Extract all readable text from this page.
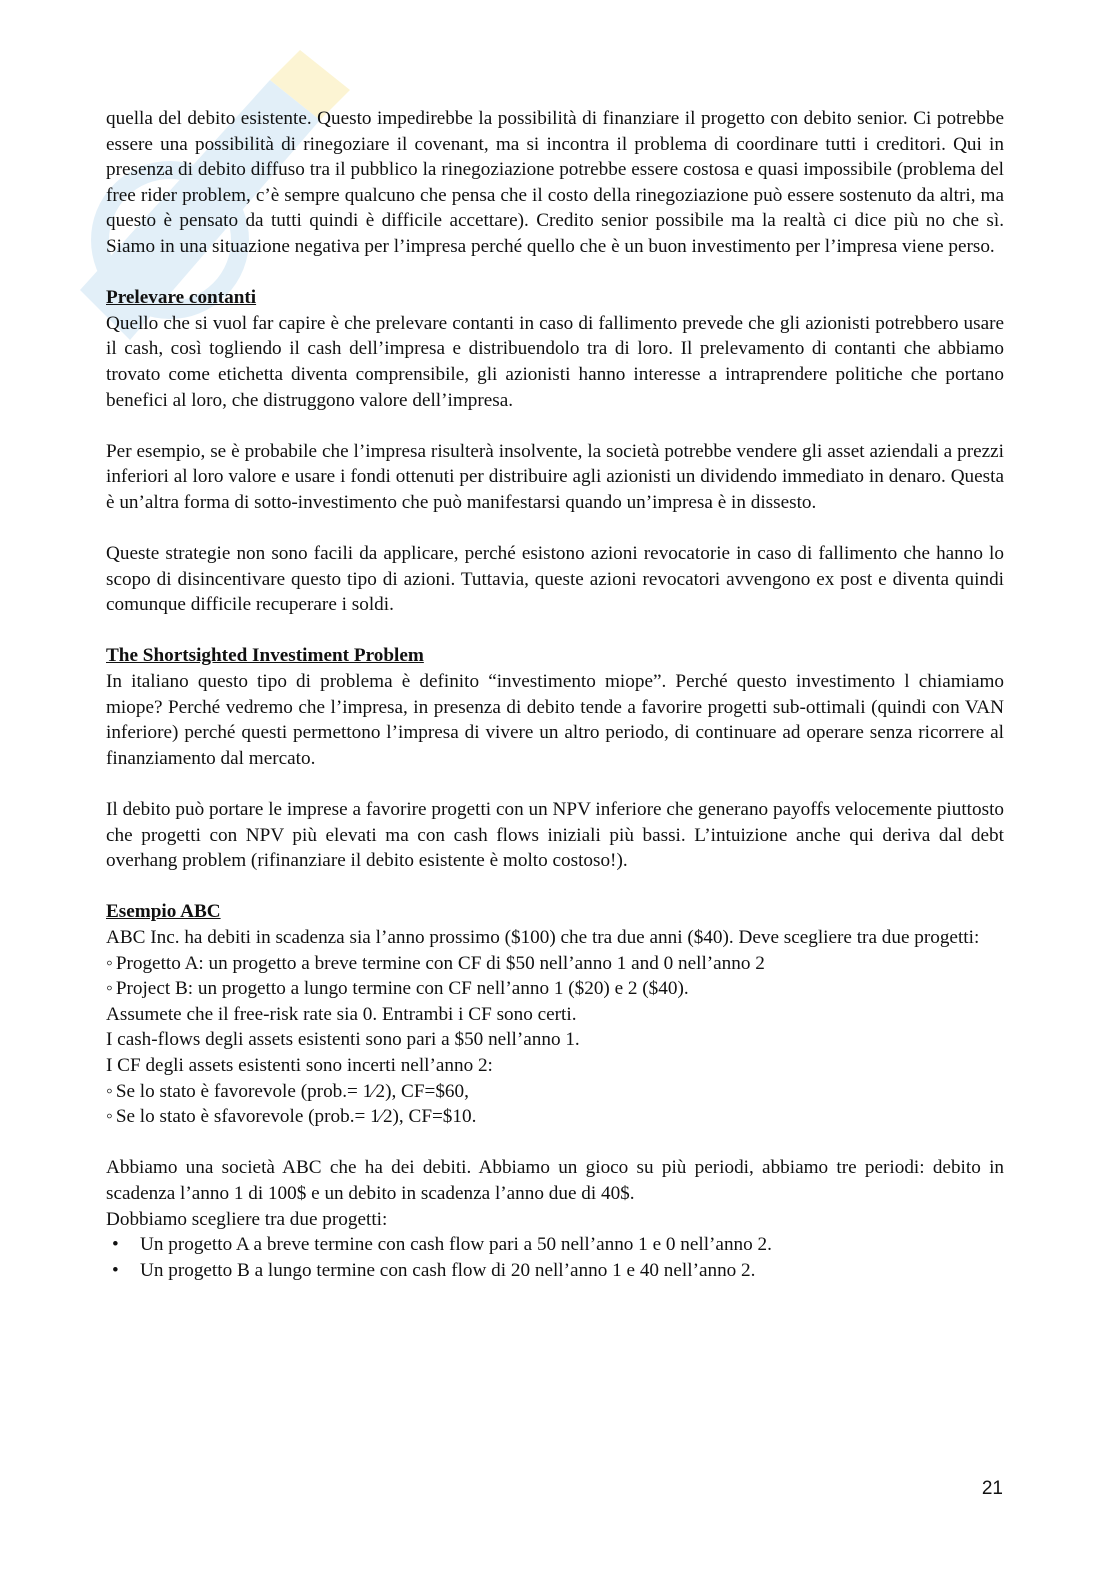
quella del debito esistente. Questo impedirebbe la possibilità di finanziare il progetto con debito senior. Ci potrebbe essere una possibilità di rinegoziare il covenant, ma si incontra il problema di coordinare tutti i creditori. Qui in presenza di debito diffuso tra il pubblico la rinegoziazione potrebbe essere costosa e quasi impossibile (problema del free rider problem, c’è sempre qualcuno che pensa che il costo della rinegoziazione può essere sostenuto da altri, ma questo è pensato da tutti quindi è difficile accettare). Credito senior possibile ma la realtà ci dice più no che sì. Siamo in una situazione negativa per l’impresa perché quello che è un buon investimento per l’impresa viene perso.

Prelevare contanti

Quello che si vuol far capire è che prelevare contanti in caso di fallimento prevede che gli azionisti potrebbero usare il cash, così togliendo il cash dell’impresa e distribuendolo tra di loro. Il prelevamento di contanti che abbiamo trovato come etichetta diventa comprensibile, gli azionisti hanno interesse a intraprendere politiche che portano benefici al loro, che distruggono valore dell’impresa.

Per esempio, se è probabile che l’impresa risulterà insolvente, la società potrebbe vendere gli asset aziendali a prezzi inferiori al loro valore e usare i fondi ottenuti per distribuire agli azionisti un dividendo immediato in denaro. Questa è un’altra forma di sotto-investimento che può manifestarsi quando un’impresa è in dissesto.

Queste strategie non sono facili da applicare, perché esistono azioni revocatorie in caso di fallimento che hanno lo scopo di disincentivare questo tipo di azioni. Tuttavia, queste azioni revocatori avvengono ex post e diventa quindi comunque difficile recuperare i soldi.

The Shortsighted Investiment Problem

In italiano questo tipo di problema è definito “investimento miope”. Perché questo investimento l chiamiamo miope? Perché vedremo che l’impresa, in presenza di debito tende a favorire progetti sub-ottimali (quindi con VAN inferiore) perché questi permettono l’impresa di vivere un altro periodo, di continuare ad operare senza ricorrere al finanziamento dal mercato.

Il debito può portare le imprese a favorire progetti con un NPV inferiore che generano payoffs velocemente piuttosto che progetti con NPV più elevati ma con cash flows iniziali più bassi. L’intuizione anche qui deriva dal debt overhang problem (rifinanziare il debito esistente è molto costoso!).

Esempio ABC

ABC Inc. ha debiti in scadenza sia l’anno prossimo ($100) che tra due anni ($40). Deve scegliere tra due progetti:

◦ Progetto A: un progetto a breve termine con CF di $50 nell’anno 1 and 0 nell’anno 2

◦ Project B: un progetto a lungo termine con CF nell’anno 1 ($20) e 2 ($40).

Assumete che il free-risk rate sia 0. Entrambi i CF sono certi.

I cash-flows degli assets esistenti sono pari a $50 nell’anno 1.

I CF degli assets esistenti sono incerti nell’anno 2:

◦ Se lo stato è favorevole (prob.= 1⁄2), CF=$60,

◦ Se lo stato è sfavorevole (prob.= 1⁄2), CF=$10.

Abbiamo una società ABC che ha dei debiti. Abbiamo un gioco su più periodi, abbiamo tre periodi: debito in scadenza l’anno 1 di 100$ e un debito in scadenza l’anno due di 40$.

Dobbiamo scegliere tra due progetti:

• Un progetto A a breve termine con cash flow pari a 50 nell’anno 1 e 0 nell’anno 2.
• Un progetto B a lungo termine con cash flow di 20 nell’anno 1 e 40 nell’anno 2.
21
